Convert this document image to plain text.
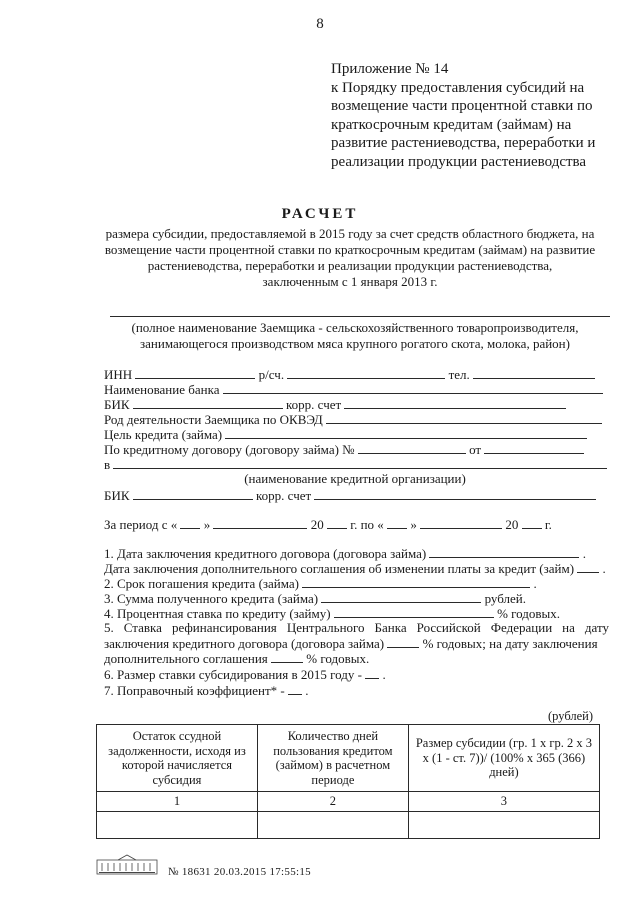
8
Приложение № 14
к Порядку предоставления субсидий на
возмещение части процентной ставки по
краткосрочным кредитам (займам) на
развитие растениеводства, переработки и
реализации продукции растениеводства
РАСЧЕТ
размера субсидии, предоставляемой в 2015 году за счет средств областного бюджета, на
возмещение части процентной ставки по краткосрочным кредитам (займам) на развитие
растениеводства, переработки и реализации продукции растениеводства,
заключенным с 1 января 2013 г.
(полное наименование Заемщика - сельскохозяйственного товаропроизводителя,
занимающегося производством мяса крупного рогатого скота, молока, район)
ИНН	р/сч.	тел.
Наименование банка
БИК	корр. счет
Род деятельности Заемщика по ОКВЭД
Цель кредита (займа)
По кредитному договору (договору займа) №	от
в
(наименование кредитной организации)
БИК	корр. счет
За период с « »	20 г. по « »	20 г.
1. Дата заключения кредитного договора (договора займа)	.
Дата заключения дополнительного соглашения об изменении платы за кредит (займ) .
2. Срок погашения кредита (займа)	.
3. Сумма полученного кредита (займа)	рублей.
4. Процентная ставка по кредиту (займу)	% годовых.
5. Ставка рефинансирования Центрального Банка Российской Федерации на дату
заключения кредитного договора (договора займа)	% годовых; на дату заключения
дополнительного соглашения	% годовых.
6. Размер ставки субсидирования в 2015 году - .
7. Поправочный коэффициент* - .
(рублей)
Остаток ссудной задолженности, исходя из которой начисляется субсидия	Количество дней пользования кредитом (займом) в расчетном периоде	Размер субсидии (гр. 1 х гр. 2 х 3 х (1 - ст. 7))/ (100% х 365 (366) дней)
1	2	3

№ 18631 20.03.2015 17:55:15
